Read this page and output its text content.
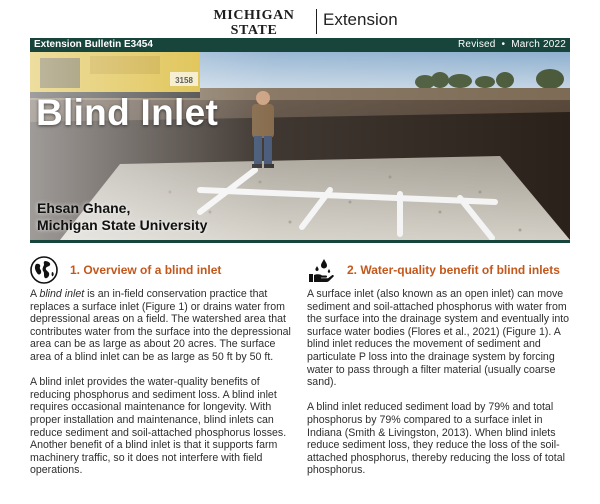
MICHIGAN STATE
Extension
Extension Bulletin E3454	Revised • March 2022
Blind Inlet
Ehsan Ghane,
Michigan State University
1. Overview of a blind inlet

A blind inlet is an in-field conservation practice that replaces a surface inlet (Figure 1) or drains water from depressional areas on a field. The watershed area that contributes water from the surface into the depressional area can be as large as about 20 acres. The surface area of a blind inlet can be as large as 50 ft by 50 ft.

A blind inlet provides the water-quality benefits of reducing phosphorus and sediment loss. A blind inlet requires occasional maintenance for longevity. With proper installation and maintenance, blind inlets can reduce sediment and soil-attached phosphorus losses. Another benefit of a blind inlet is that it supports farm machinery traffic, so it does not interfere with field operations.

2. Water-quality benefit of blind inlets

A surface inlet (also known as an open inlet) can move sediment and soil-attached phosphorus with water from the surface into the drainage system and eventually into surface water bodies (Flores et al., 2021) (Figure 1). A blind inlet reduces the movement of sediment and particulate P loss into the drainage system by forcing water to pass through a filter material (usually coarse sand).

A blind inlet reduced sediment load by 79% and total phosphorus by 79% compared to a surface inlet in Indiana (Smith & Livingston, 2013). When blind inlets reduce sediment loss, they reduce the loss of the soil-attached phosphorus, thereby reducing the loss of total phosphorus.
